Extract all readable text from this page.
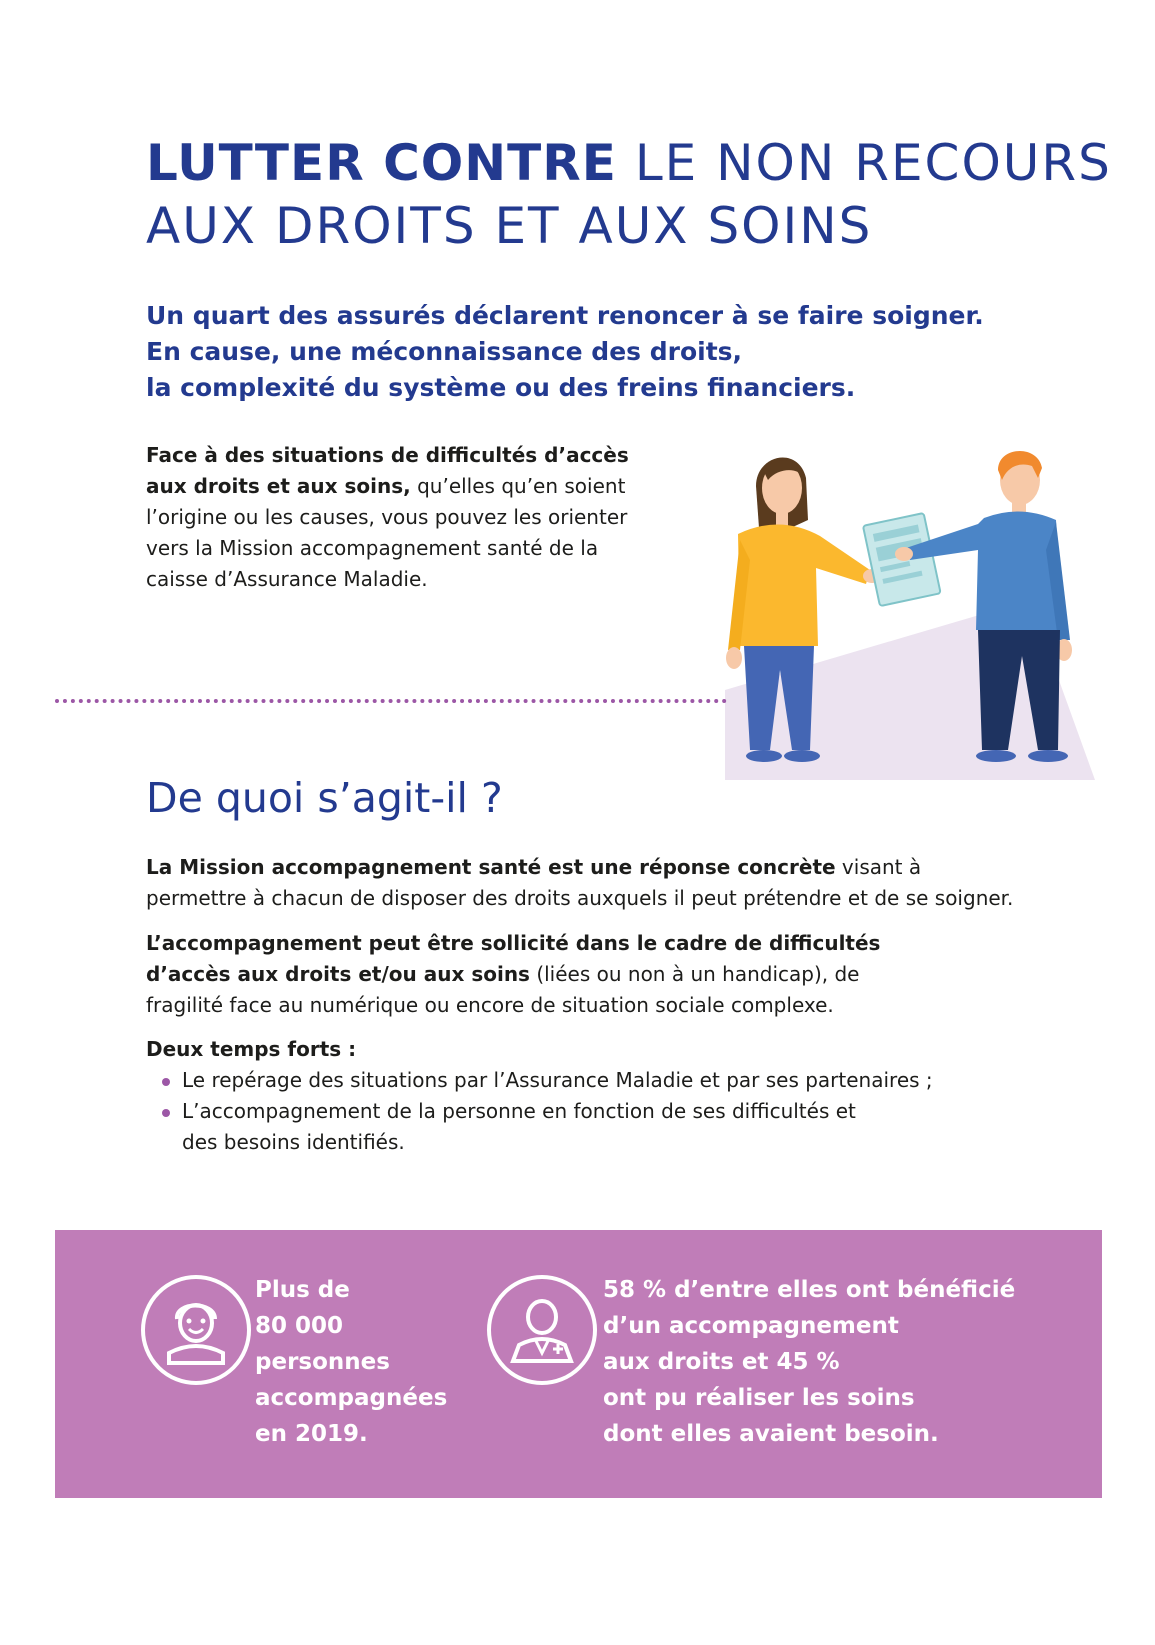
LUTTER CONTRE LE NON RECOURS
AUX DROITS ET AUX SOINS

Un quart des assurés déclarent renoncer à se faire soigner.
En cause, une méconnaissance des droits,
la complexité du système ou des freins financiers.

Face à des situations de difficultés d’accès aux droits et aux soins, qu’elles qu’en soient l’origine ou les causes, vous pouvez les orienter vers la Mission accompagnement santé de la caisse d’Assurance Maladie.

De quoi s’agit-il ?

La Mission accompagnement santé est une réponse concrète visant à permettre à chacun de disposer des droits auxquels il peut prétendre et de se soigner.

L’accompagnement peut être sollicité dans le cadre de difficultés d’accès aux droits et/ou aux soins (liées ou non à un handicap), de fragilité face au numérique ou encore de situation sociale complexe.

Deux temps forts :

Le repérage des situations par l’Assurance Maladie et par ses partenaires ;
L’accompagnement de la personne en fonction de ses difficultés et des besoins identifiés.

Plus de
80 000
personnes
accompagnées
en 2019.

58 % d’entre elles ont bénéficié
d’un accompagnement
aux droits et 45 %
ont pu réaliser les soins
dont elles avaient besoin.
